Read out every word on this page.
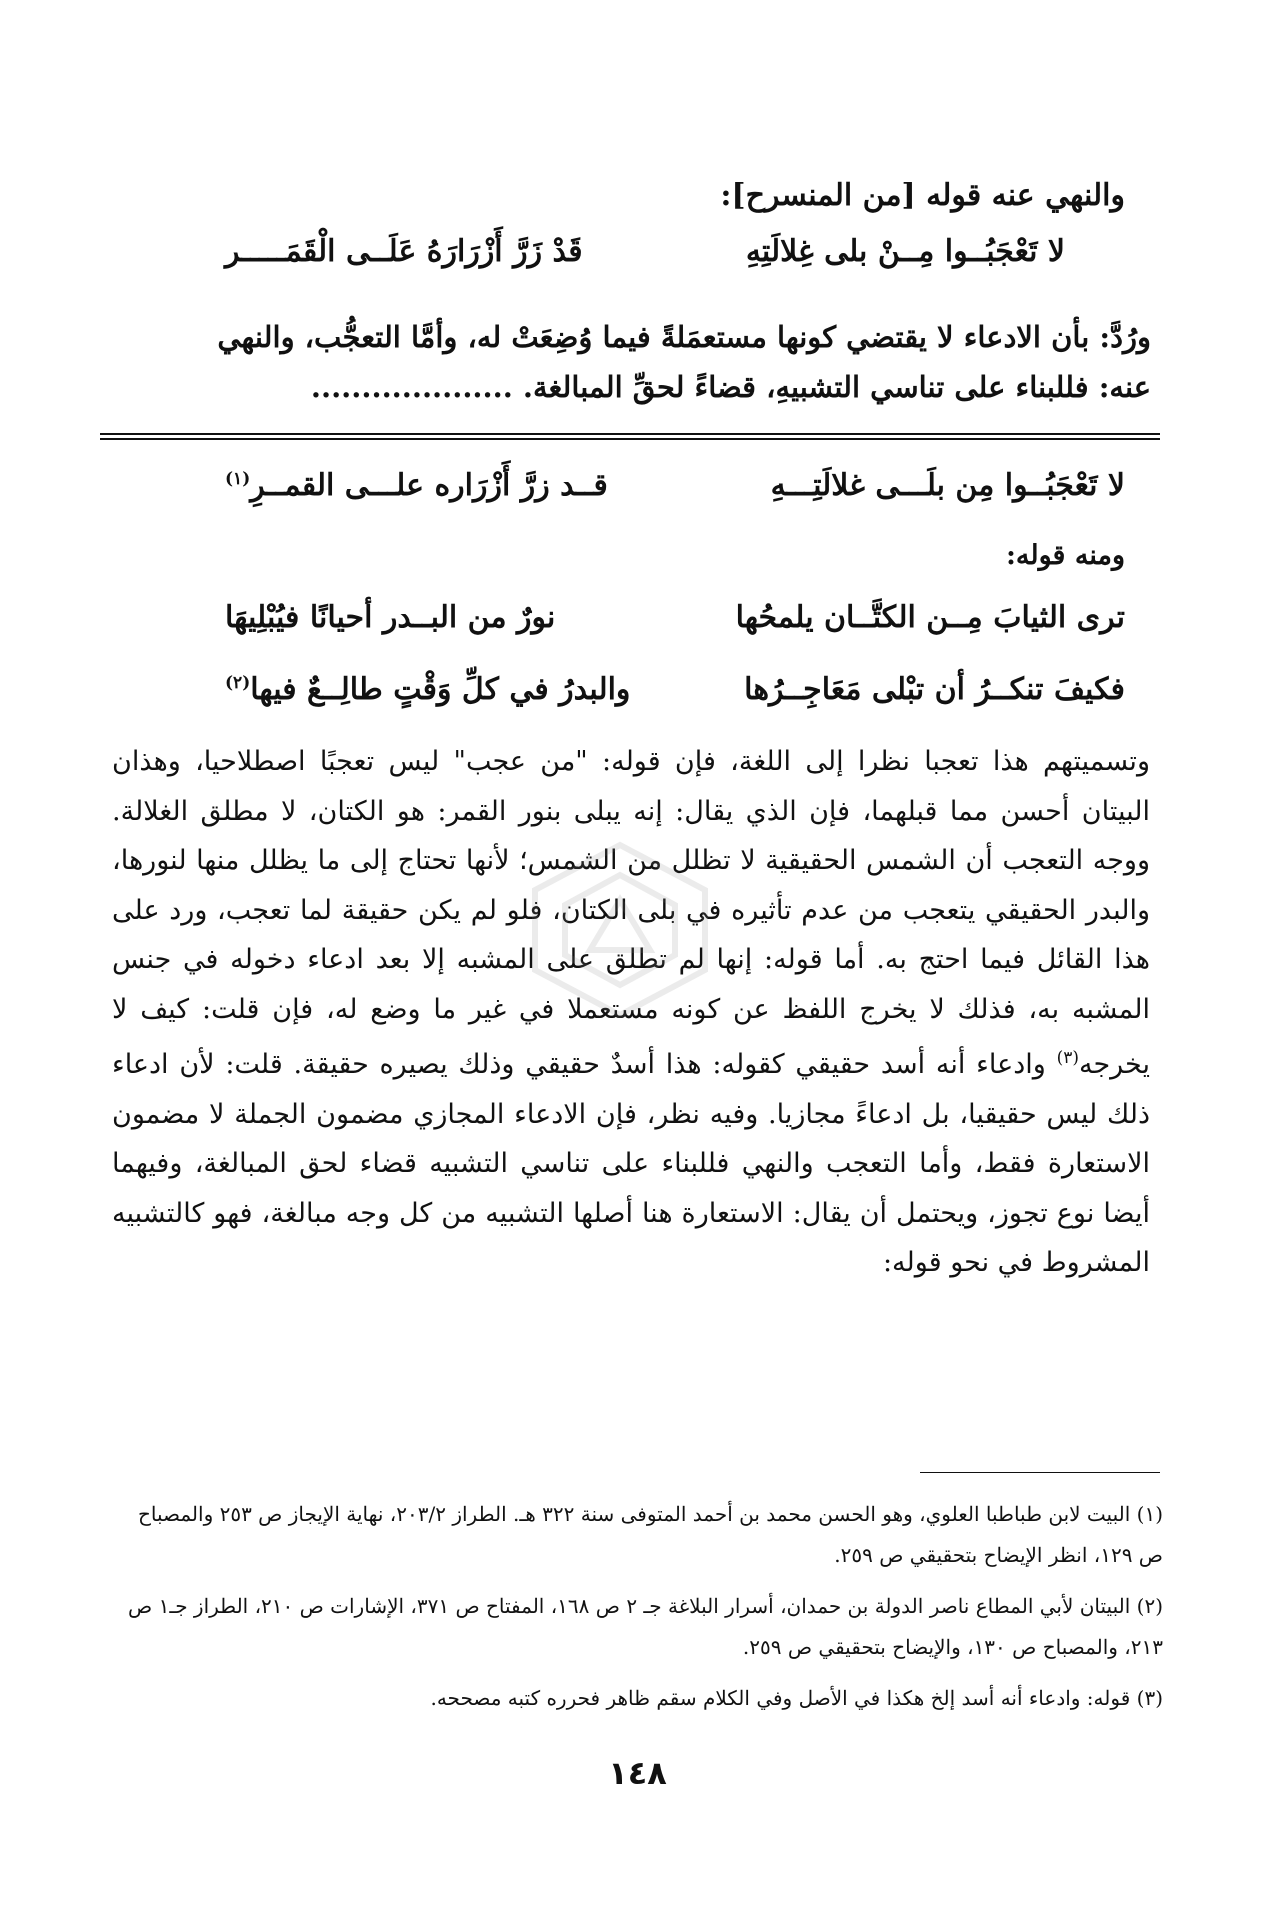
والنهي عنه قوله [من المنسرح]:
لا تَعْجَبُــوا مِــنْ بلى غِلالَتِهِ
قَدْ زَرَّ أَزْرَارَهُ عَلَــى الْقَمَـــــر
ورُدَّ: بأن الادعاء لا يقتضي كونها مستعمَلةً فيما وُضِعَتْ له، وأمَّا التعجُّب، والنهي
عنه: فللبناء على تناسي التشبيهِ، قضاءً لحقِّ المبالغة. ....................
لا تَعْجَبُــوا مِن بلَـــى غلالَتِـــهِ
قــد زرَّ أَزْرَاره علـــى القمــرِ$^{(١)}$
ومنه قوله:
ترى الثيابَ مِــن الكتَّــان يلمحُها
نورٌ من البــدر أحيانًا فيُبْلِيهَا
فكيفَ تنكــرُ أن تبْلى مَعَاجِــرُها
والبدرُ في كلِّ وَقْتٍ طالِــعٌ فيها$^{(٢)}$
وتسميتهم هذا تعجبا نظرا إلى اللغة، فإن قوله: "من عجب" ليس تعجبًا اصطلاحيا، وهذان البيتان أحسن مما قبلهما، فإن الذي يقال: إنه يبلى بنور القمر: هو الكتان، لا مطلق الغلالة. ووجه التعجب أن الشمس الحقيقية لا تظلل من الشمس؛ لأنها تحتاج إلى ما يظلل منها لنورها، والبدر الحقيقي يتعجب من عدم تأثيره في بلى الكتان، فلو لم يكن حقيقة لما تعجب، ورد على هذا القائل فيما احتج به. أما قوله: إنها لم تطلق على المشبه إلا بعد ادعاء دخوله في جنس المشبه به، فذلك لا يخرج اللفظ عن كونه مستعملا في غير ما وضع له، فإن قلت: كيف لا يخرجه$^{(٣)}$ وادعاء أنه أسد حقيقي كقوله: هذا أسدٌ حقيقي وذلك يصيره حقيقة. قلت: لأن ادعاء ذلك ليس حقيقيا، بل ادعاءً مجازيا. وفيه نظر، فإن الادعاء المجازي مضمون الجملة لا مضمون الاستعارة فقط، وأما التعجب والنهي فللبناء على تناسي التشبيه قضاء لحق المبالغة، وفيهما أيضا نوع تجوز، ويحتمل أن يقال: الاستعارة هنا أصلها التشبيه من كل وجه مبالغة، فهو كالتشبيه المشروط في نحو قوله:
(١) البيت لابن طباطبا العلوي، وهو الحسن محمد بن أحمد المتوفى سنة ٣٢٢ هـ. الطراز ٢٠٣/٢، نهاية الإيجاز ص ٢٥٣ والمصباح ص ١٢٩، انظر الإيضاح بتحقيقي ص ٢٥٩.
(٢) البيتان لأبي المطاع ناصر الدولة بن حمدان، أسرار البلاغة جـ ٢ ص ١٦٨، المفتاح ص ٣٧١، الإشارات ص ٢١٠، الطراز جـ١ ص ٢١٣، والمصباح ص ١٣٠، والإيضاح بتحقيقي ص ٢٥٩.
(٣) قوله: وادعاء أنه أسد إلخ هكذا في الأصل وفي الكلام سقم ظاهر فحرره كتبه مصححه.
١٤٨
